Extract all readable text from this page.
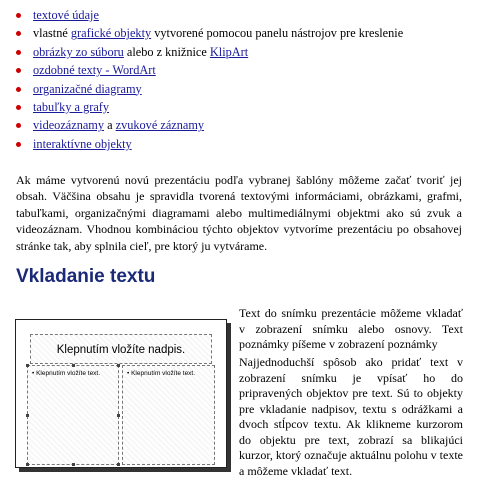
textové údaje
vlastné grafické objekty vytvorené pomocou panelu nástrojov pre kreslenie
obrázky zo súboru alebo z knižnice KlipArt
ozdobné texty - WordArt
organizačné diagramy
tabuľky a grafy
videozáznamy a zvukové záznamy
interaktívne objekty

Ak máme vytvorenú novú prezentáciu podľa vybranej šablóny môžeme začať tvoriť jej obsah. Väčšina obsahu je spravidla tvorená textovými informáciami, obrázkami, grafmi, tabuľkami, organizačnými diagramami alebo multimediálnymi objektmi ako sú zvuk a videozáznam. Vhodnou kombináciou týchto objektov vytvoríme prezentáciu po obsahovej stránke tak, aby splnila cieľ, pre ktorý ju vytvárame.

Vkladanie textu
Klepnutím vložíte nadpis.
• Klepnutím vložíte text.
•	Klepnutím vložíte text.

Text do snímku prezentácie môžeme vkladať v zobrazení snímku alebo osnovy. Text poznámky píšeme v zobrazení poznámky

Najjednoduchší spôsob ako pridať text v zobrazení snímku je vpísať ho do pripravených objektov pre text. Sú to objekty pre vkladanie nadpisov, textu s odrážkami a dvoch stĺpcov textu. Ak klikneme kurzorom do objektu pre text, zobrazí sa blikajúci kurzor, ktorý označuje aktuálnu polohu v texte a môžeme vkladať text.
